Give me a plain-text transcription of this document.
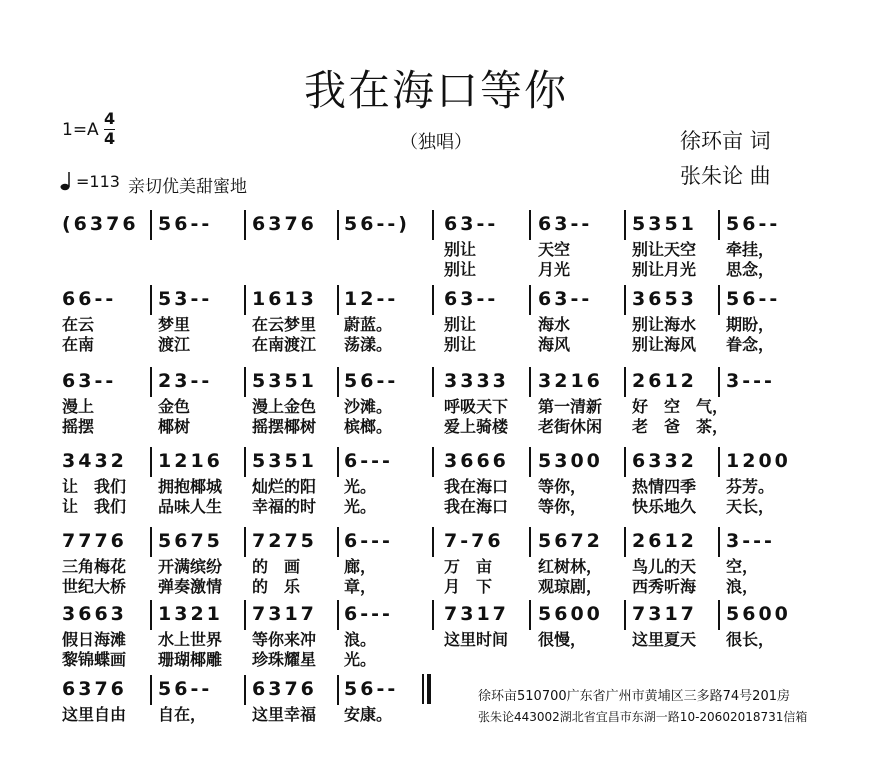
我在海口等你
1=A
4
4	（独唱）	徐环亩 词
张朱论 曲
=113 亲切优美甜蜜地
(6376 56-- 6376 56--) 63-- 63-- 5351 56--
别让	天空	别让天空 牵挂，
别让	月光	别让月光 思念，
66-- 53-- 1613 12-- 63-- 63-- 3653 56--
在云	梦里	在云梦里 蔚蓝。	别让	海水	别让海水 期盼，
在南	渡江	在南渡江 荡漾。	别让	海风	别让海风 眷念，
63-- 23-- 5351 56-- 3333 3216 2612 3---
漫上	金色	漫上金色 沙滩。	呼吸天下 第一清新 好　空　气，
摇摆	椰树	摇摆椰树 槟榔。	爱上骑楼 老街休闲 老　爸　茶，
3432 1216 5351 6---	3666 5300 6332 1200
让　我们 拥抱椰城 灿烂的阳 光。	我在海口 等你，	热情四季 芬芳。
让　我们 品味人生 幸福的时 光。	我在海口 等你，	快乐地久 天长，
7776 5675 7275 6---	7-76 5672 2612 3---
三角梅花 开满缤纷 的　画	廊，	万　亩	红树林， 鸟儿的天 空，
世纪大桥 弹奏激情 的　乐	章，	月　下	观琼剧， 西秀听海 浪，
3663 1321 7317 6---	7317 5600 7317 5600
假日海滩 水上世界 等你来冲 浪。	这里时间 很慢，	这里夏天 很长，
黎锦蝶画 珊瑚椰雕 珍珠耀星 光。
6376 56-- 6376 56--
这里自由 自在，	这里幸福 安康。
徐环亩510700广东省广州市黄埔区三多路74号201房
张朱论443002湖北省宜昌市东湖一路10-20602018731信箱
